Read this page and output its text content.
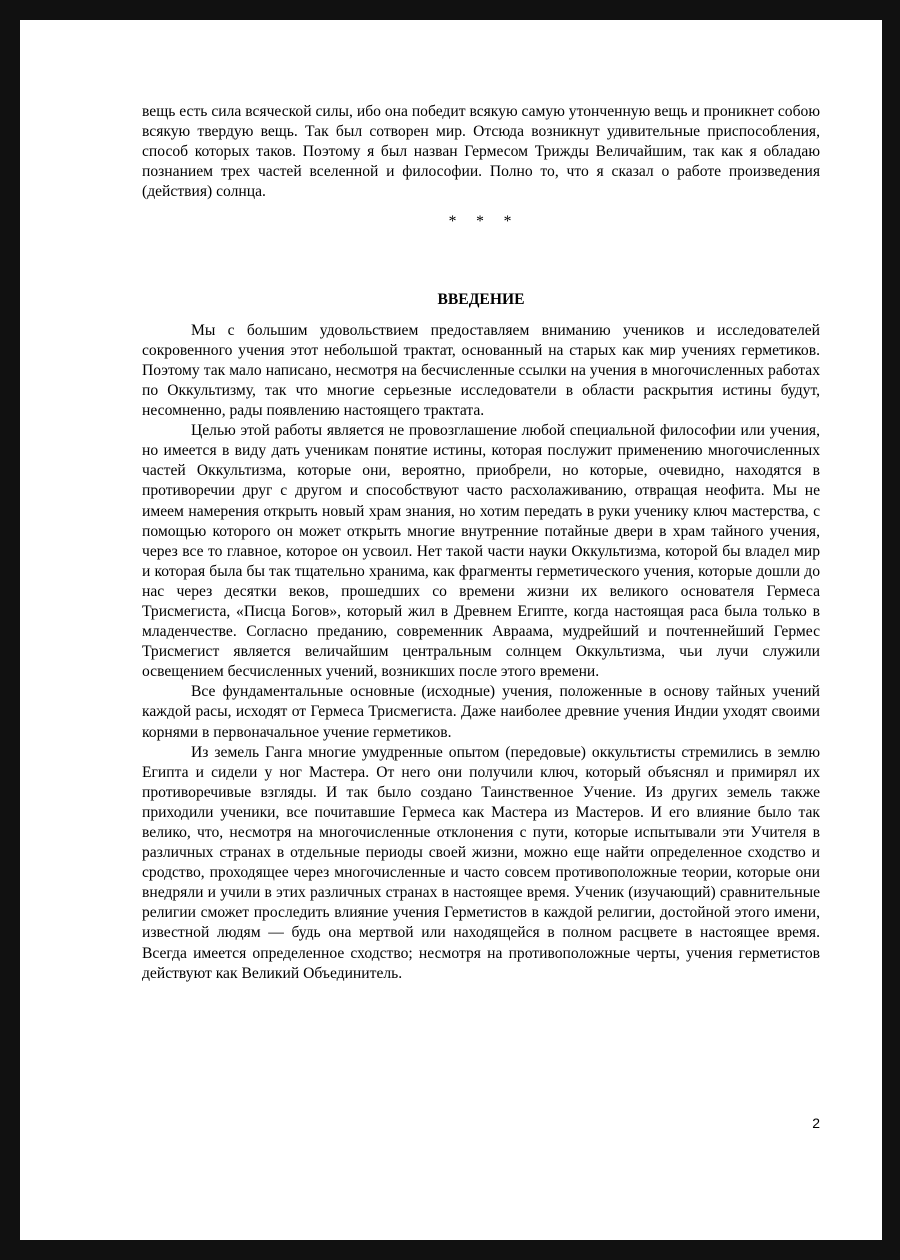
вещь есть сила всяческой силы, ибо она победит всякую самую утонченную вещь и проникнет собою всякую твердую вещь. Так был сотворен мир. Отсюда возникнут удивительные приспособления, способ которых таков. Поэтому я был назван Гермесом Трижды Величайшим, так как я обладаю познанием трех частей вселенной и философии. Полно то, что я сказал о работе произведения (действия) солнца.

*   *   *
ВВЕДЕНИЕ

Мы с большим удовольствием предоставляем вниманию учеников и исследователей сокровенного учения этот небольшой трактат, основанный на старых как мир учениях герметиков. Поэтому так мало написано, несмотря на бесчисленные ссылки на учения в многочисленных работах по Оккультизму, так что многие серьезные исследователи в области раскрытия истины будут, несомненно, рады появлению настоящего трактата.

Целью этой работы является не провозглашение любой специальной философии или учения, но имеется в виду дать ученикам понятие истины, которая послужит применению многочисленных частей Оккультизма, которые они, вероятно, приобрели, но которые, очевидно, находятся в противоречии друг с другом и способствуют часто расхолаживанию, отвращая неофита. Мы не имеем намерения открыть новый храм знания, но хотим передать в руки ученику ключ мастерства, с помощью которого он может открыть многие внутренние потайные двери в храм тайного учения, через все то главное, которое он усвоил. Нет такой части науки Оккультизма, которой бы владел мир и которая была бы так тщательно хранима, как фрагменты герметического учения, которые дошли до нас через десятки веков, прошедших со времени жизни их великого основателя Гермеса Трисмегиста, «Писца Богов», который жил в Древнем Египте, когда настоящая раса была только в младенчестве. Согласно преданию, современник Авраама, мудрейший и почтеннейший Гермес Трисмегист является величайшим центральным солнцем Оккультизма, чьи лучи служили освещением бесчисленных учений, возникших после этого времени.

Все фундаментальные основные (исходные) учения, положенные в основу тайных учений каждой расы, исходят от Гермеса Трисмегиста. Даже наиболее древние учения Индии уходят своими корнями в первоначальное учение герметиков.

Из земель Ганга многие умудренные опытом (передовые) оккультисты стремились в землю Египта и сидели у ног Мастера. От него они получили ключ, который объяснял и примирял их противоречивые взгляды. И так было создано Таинственное Учение. Из других земель также приходили ученики, все почитавшие Гермеса как Мастера из Мастеров. И его влияние было так велико, что, несмотря на многочисленные отклонения с пути, которые испытывали эти Учителя в различных странах в отдельные периоды своей жизни, можно еще найти определенное сходство и сродство, проходящее через многочисленные и часто совсем противоположные теории, которые они внедряли и учили в этих различных странах в настоящее время. Ученик (изучающий) сравнительные религии сможет проследить влияние учения Герметистов в каждой религии, достойной этого имени, известной людям — будь она мертвой или находящейся в полном расцвете в настоящее время. Всегда имеется определенное сходство; несмотря на противоположные черты, учения герметистов действуют как Великий Объединитель.

2
